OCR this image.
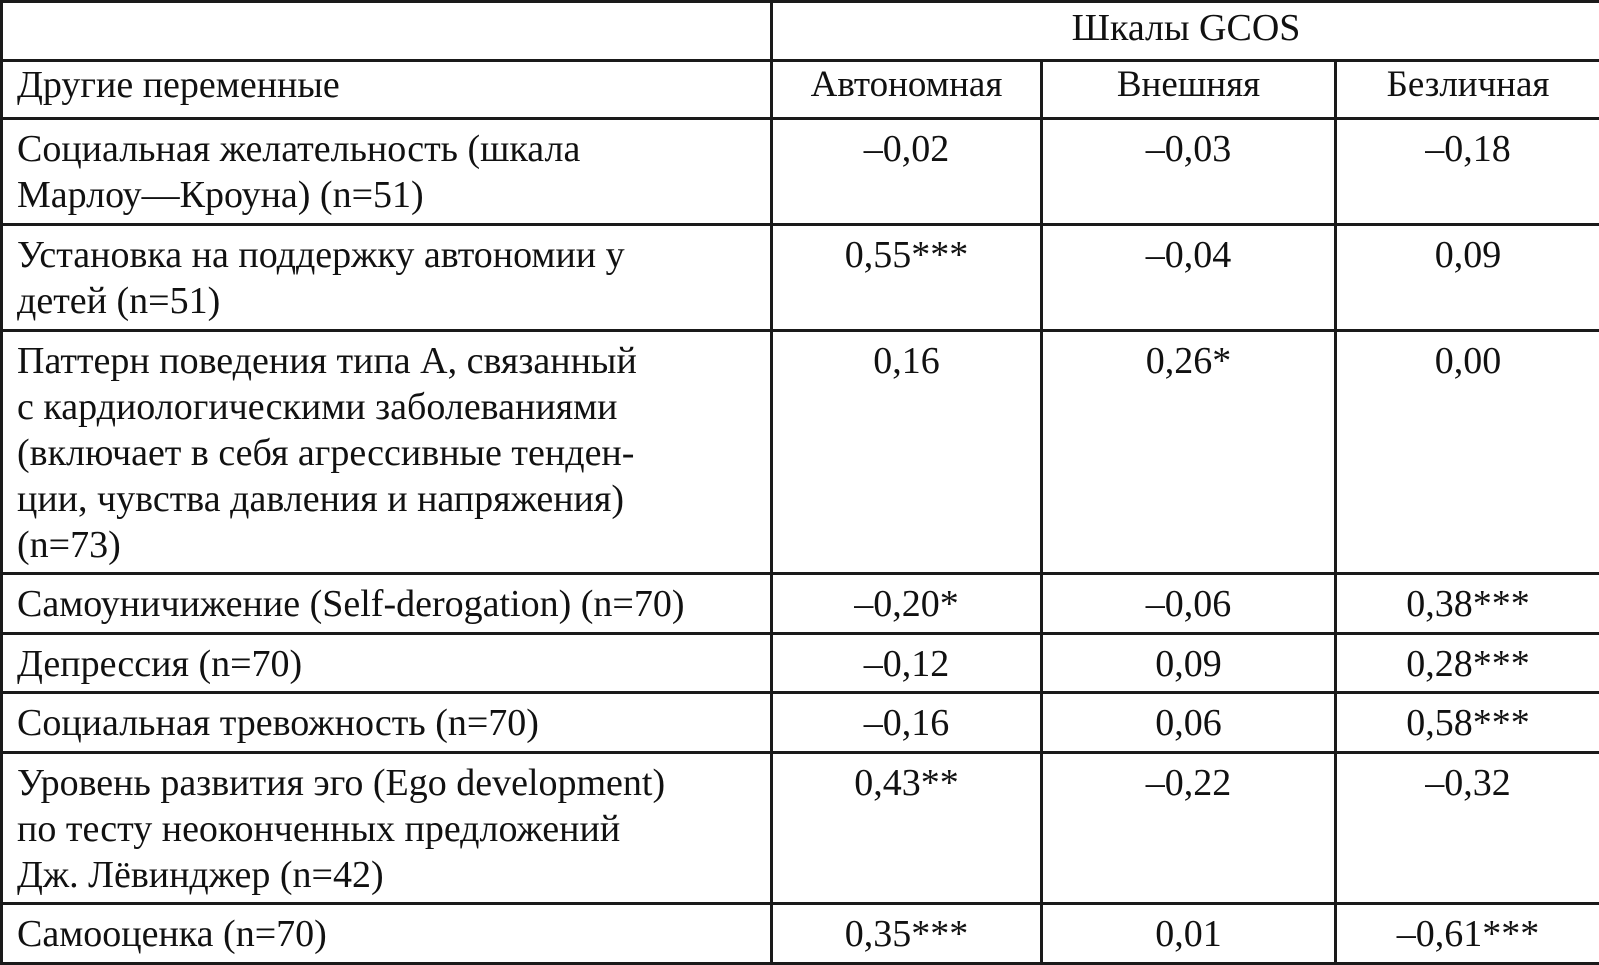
	Шкалы GCOS		
Другие переменные	Автономная	Внешняя	Безличная

Социальная желательность (шкала
Марлоу—Кроуна) (n=51)	–0,02	–0,03	–0,18

Установка на поддержку автономии у
детей (n=51)	0,55***	–0,04	0,09

Паттерн поведения типа А, связанный
с кардиологическими заболеваниями
(включает в себя агрессивные тенден-
ции, чувства давления и напряжения)
(n=73)	0,16	0,26*	0,00

Самоуничижение (Self-derogation) (n=70)	–0,20*	–0,06	0,38***

Депрессия (n=70)	–0,12	0,09	0,28***

Социальная тревожность (n=70)	–0,16	0,06	0,58***

Уровень развития эго (Ego development)
по тесту неоконченных предложений
Дж. Лёвинджер (n=42)	0,43**	–0,22	–0,32

Самооценка (n=70)	0,35***	0,01	–0,61***
